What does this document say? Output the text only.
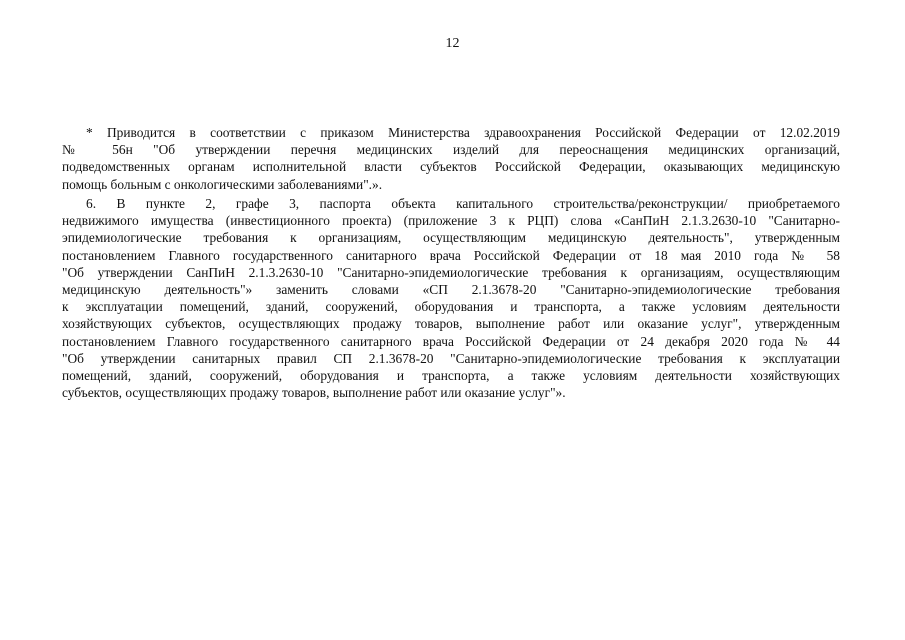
12
* Приводится в соответствии с приказом Министерства здравоохранения Российской Федерации от 12.02.2019
№ 56н "Об утверждении перечня медицинских изделий для переоснащения медицинских организаций,
подведомственных органам исполнительной власти субъектов Российской Федерации, оказывающих медицинскую
помощь больным с онкологическими заболеваниями".».
6. В пункте 2, графе 3, паспорта объекта капитального строительства/реконструкции/ приобретаемого
недвижимого имущества (инвестиционного проекта) (приложение 3 к РЦП) слова «СанПиН 2.1.3.2630-10 "Санитарно-
эпидемиологические требования к организациям, осуществляющим медицинскую деятельность", утвержденным
постановлением Главного государственного санитарного врача Российской Федерации от 18 мая 2010 года № 58
"Об утверждении СанПиН 2.1.3.2630-10 "Санитарно-эпидемиологические требования к организациям, осуществляющим
медицинскую деятельность"» заменить словами «СП 2.1.3678-20 "Санитарно-эпидемиологические требования
к эксплуатации помещений, зданий, сооружений, оборудования и транспорта, а также условиям деятельности
хозяйствующих субъектов, осуществляющих продажу товаров, выполнение работ или оказание услуг", утвержденным
постановлением Главного государственного санитарного врача Российской Федерации от 24 декабря 2020 года № 44
"Об утверждении санитарных правил СП 2.1.3678-20 "Санитарно-эпидемиологические требования к эксплуатации
помещений, зданий, сооружений, оборудования и транспорта, а также условиям деятельности хозяйствующих
субъектов, осуществляющих продажу товаров, выполнение работ или оказание услуг"».
